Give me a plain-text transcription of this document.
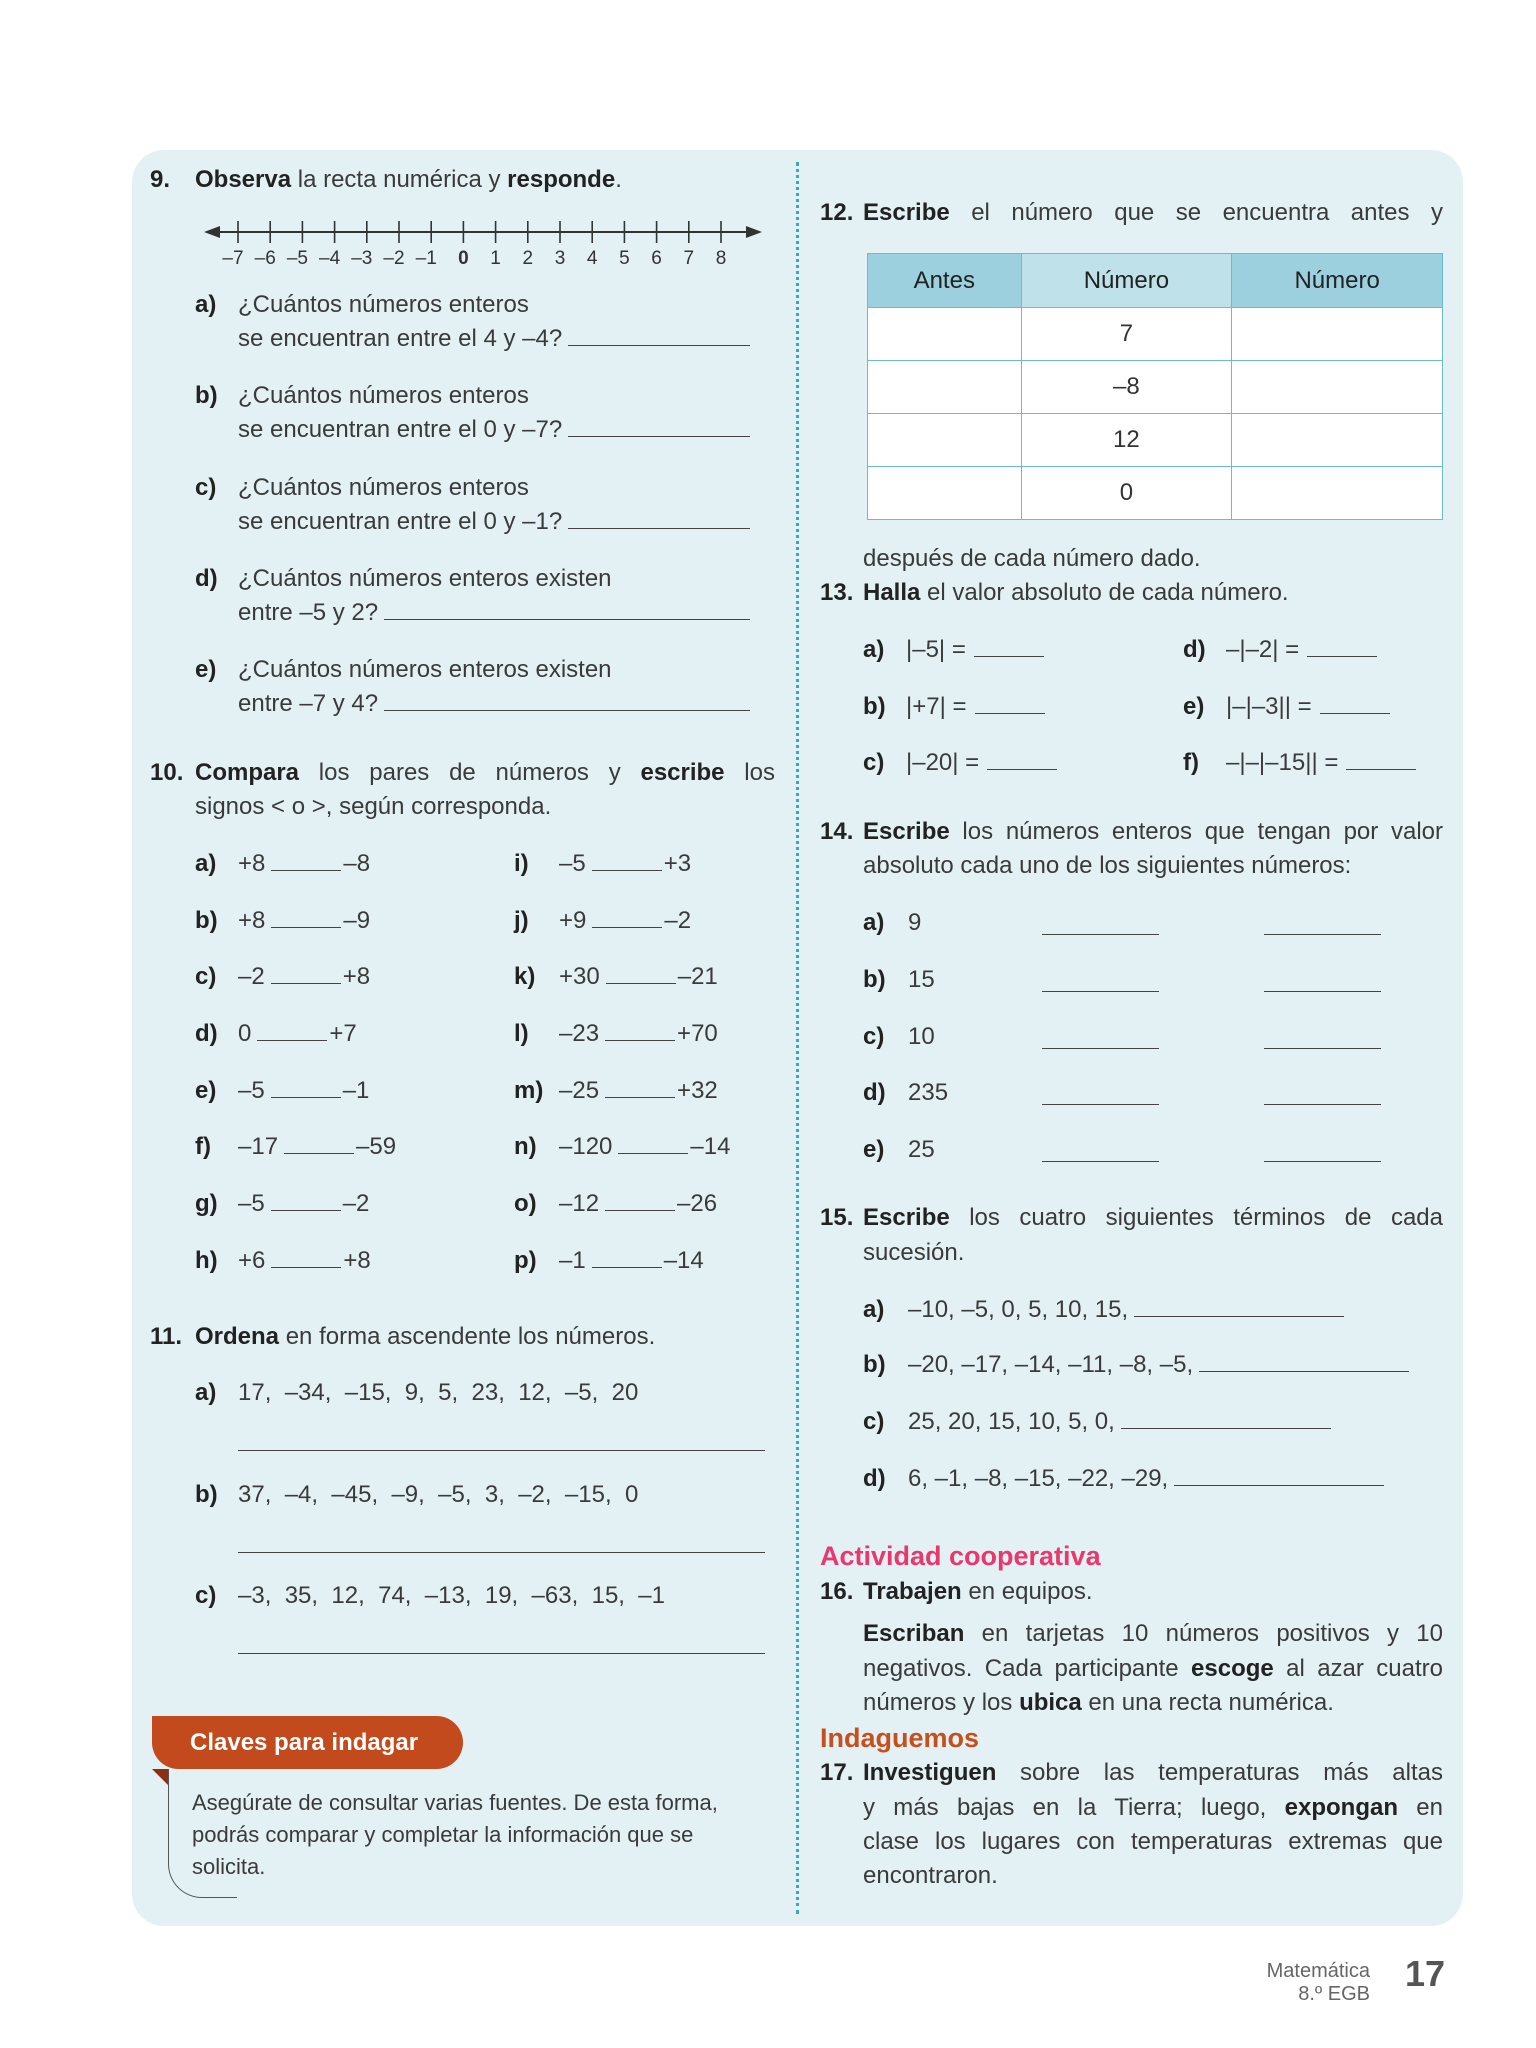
9. Observa la recta numérica y responde.
–7 –6 –5 –4 –3 –2 –1 0 1 2 3 4 5 6 7 8
a) ¿Cuántos números enteros
se encuentran entre el 4 y –4?
b) ¿Cuántos números enteros
se encuentran entre el 0 y –7?
c) ¿Cuántos números enteros
se encuentran entre el 0 y –1?
d) ¿Cuántos números enteros existen
entre –5 y 2?
e) ¿Cuántos números enteros existen
entre –7 y 4?
10. Compara los pares de números y escribe los
signos < o >, según corresponda.
a) +8	–8
b) +8	–9
c) –2	+8
d) 0	+7
e) –5	–1
f) –17	–59
g) –5	–2
h) +6	+8
i) –5	+3
j) +9	–2
k) +30	–21
l) –23	+70
m) –25	+32
n) –120	–14
o) –12	–26
p) –1	–14
11. Ordena en forma ascendente los números.
a) 17,  –34,  –15,  9,  5,  23,  12,  –5,  20
b) 37,  –4,  –45,  –9,  –5,  3,  –2,  –15,  0
c) –3,  35,  12,  74,  –13,  19,  –63,  15,  –1
Claves para indagar
Asegúrate de consultar varias fuentes. De esta forma,
podrás comparar y completar la información que se
solicita.
12. Escribe el número que se encuentra antes y
Antes	Número	Número
	7	
	–8	
	12	
	0	
después de cada número dado.
13. Halla el valor absoluto de cada número.
a) |–5| =
b) |+7| =
c) |–20| =
d) –|–2| =
e) |–|–3|| =
f) –|–|–15|| =
14. Escribe los números enteros que tengan por valor
absoluto cada uno de los siguientes números:
a) 9
b) 15
c) 10
d) 235
e) 25
15. Escribe los cuatro siguientes términos de cada
sucesión.
a) –10, –5, 0, 5, 10, 15,
b) –20, –17, –14, –11, –8, –5,
c) 25, 20, 15, 10, 5, 0,
d) 6, –1, –8, –15, –22, –29,
Actividad cooperativa
16. Trabajen en equipos.
Escriban en tarjetas 10 números positivos y 10
negativos. Cada participante escoge al azar cuatro
números y los ubica en una recta numérica.
Indaguemos
17. Investiguen sobre las temperaturas más altas
y más bajas en la Tierra; luego, expongan en
clase los lugares con temperaturas extremas que
encontraron.
Matemática
8.º EGB 17
